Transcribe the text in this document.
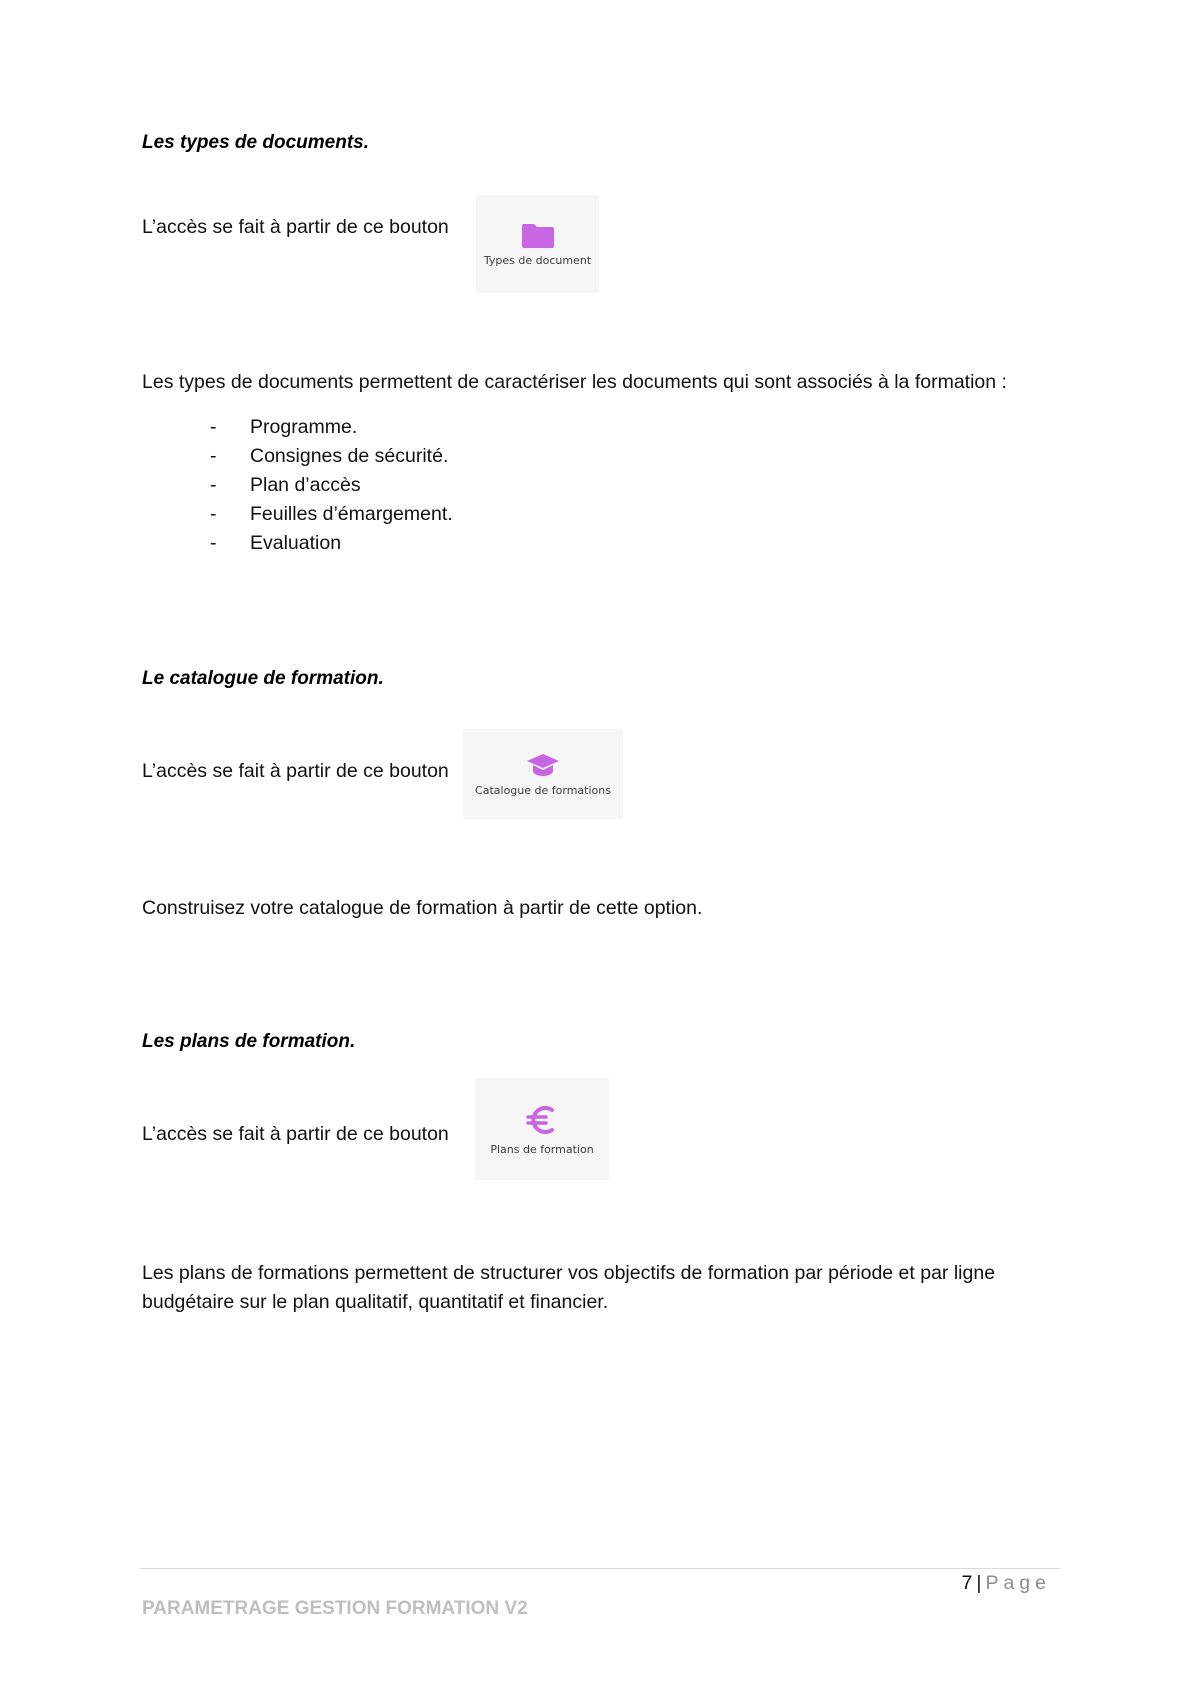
Les types de documents.
L’accès se fait à partir de ce bouton
Types de document
Les types de documents permettent de caractériser les documents qui sont associés à la formation :
- Programme.
- Consignes de sécurité.
- Plan d’accès
- Feuilles d’émargement.
- Evaluation
Le catalogue de formation.
L’accès se fait à partir de ce bouton
Catalogue de formations
Construisez votre catalogue de formation à partir de cette option.
Les plans de formation.
L’accès se fait à partir de ce bouton
Plans de formation
Les plans de formations permettent de structurer vos objectifs de formation par période et par ligne budgétaire sur le plan qualitatif, quantitatif et financier.
7 | Page
PARAMETRAGE GESTION FORMATION V2
